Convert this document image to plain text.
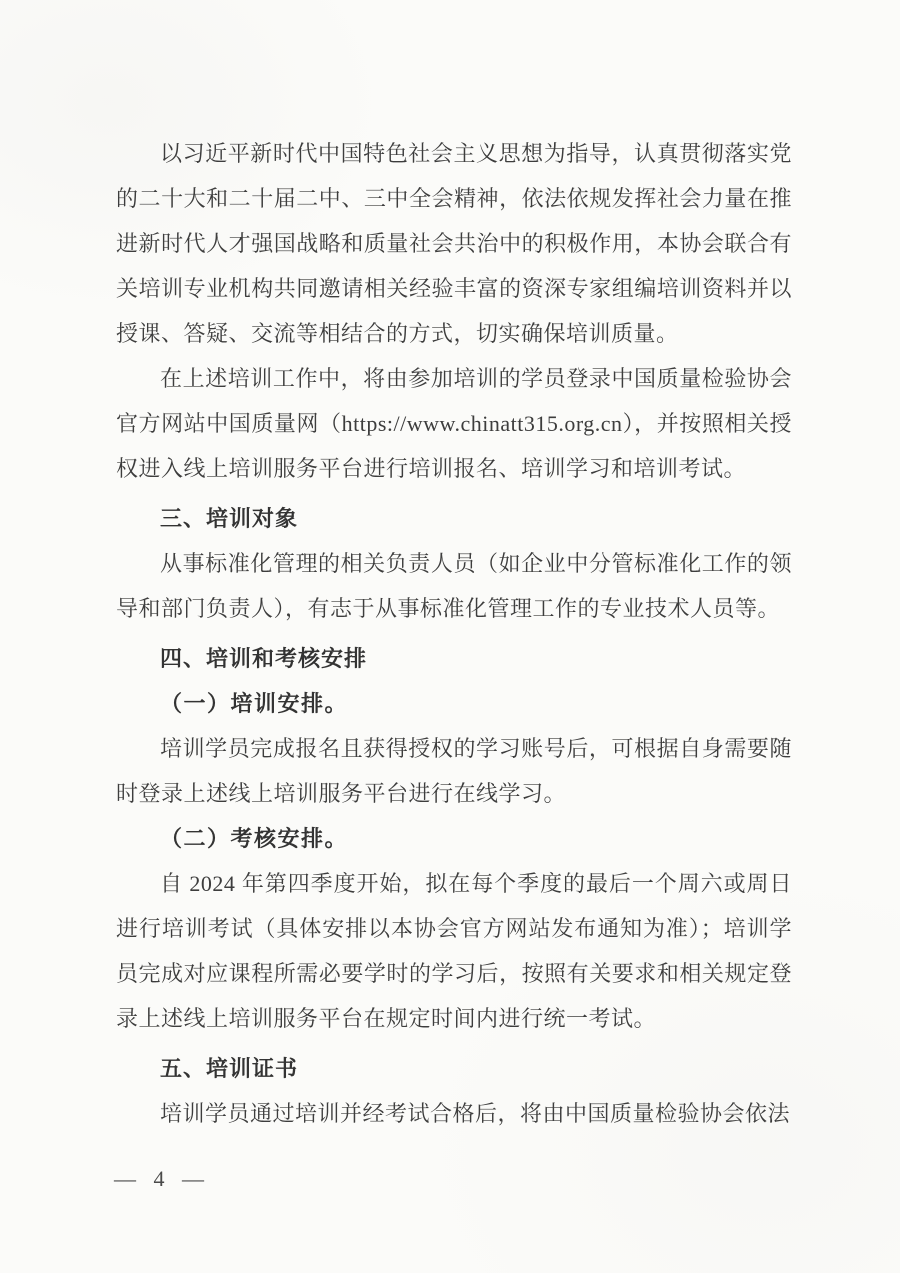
以习近平新时代中国特色社会主义思想为指导，认真贯彻落实党的二十大和二十届二中、三中全会精神，依法依规发挥社会力量在推进新时代人才强国战略和质量社会共治中的积极作用，本协会联合有关培训专业机构共同邀请相关经验丰富的资深专家组编培训资料并以授课、答疑、交流等相结合的方式，切实确保培训质量。

在上述培训工作中，将由参加培训的学员登录中国质量检验协会官方网站中国质量网（https://www.chinatt315.org.cn），并按照相关授权进入线上培训服务平台进行培训报名、培训学习和培训考试。

三、培训对象

从事标准化管理的相关负责人员（如企业中分管标准化工作的领导和部门负责人），有志于从事标准化管理工作的专业技术人员等。

四、培训和考核安排

（一）培训安排。

培训学员完成报名且获得授权的学习账号后，可根据自身需要随时登录上述线上培训服务平台进行在线学习。

（二）考核安排。

自 2024 年第四季度开始，拟在每个季度的最后一个周六或周日进行培训考试（具体安排以本协会官方网站发布通知为准）；培训学员完成对应课程所需必要学时的学习后，按照有关要求和相关规定登录上述线上培训服务平台在规定时间内进行统一考试。

五、培训证书

培训学员通过培训并经考试合格后，将由中国质量检验协会依法

— 4 —
